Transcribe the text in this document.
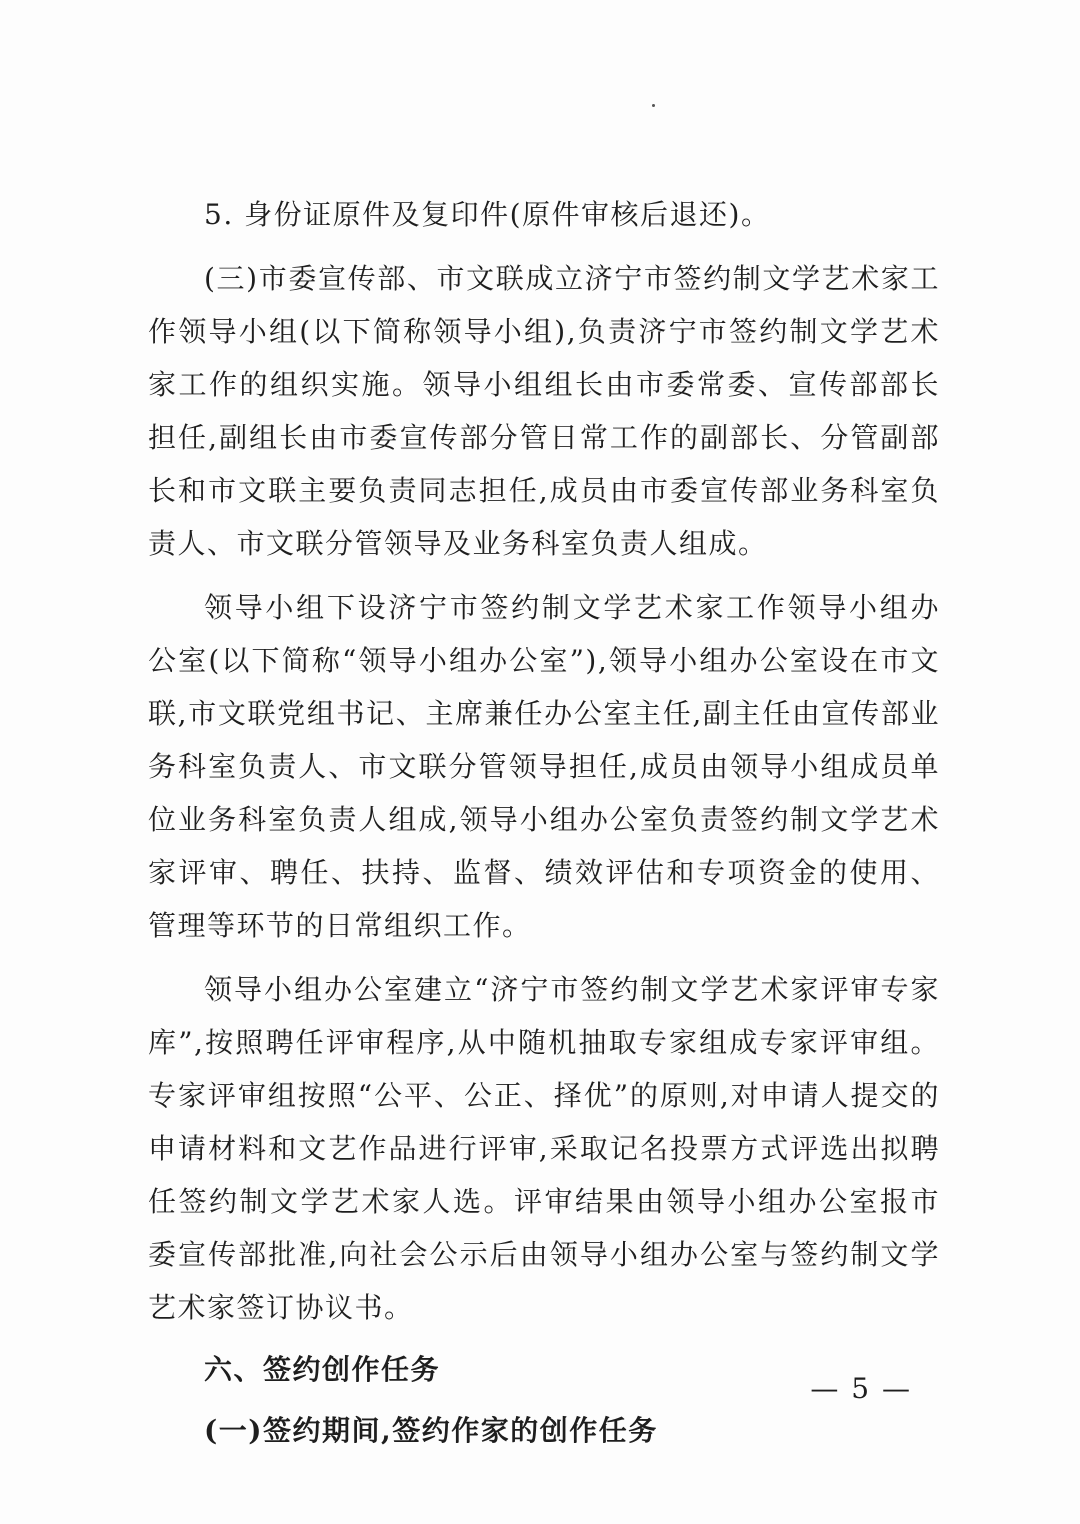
5. 身份证原件及复印件(原件审核后退还)。

(三)市委宣传部、市文联成立济宁市签约制文学艺术家工作领导小组(以下简称领导小组),负责济宁市签约制文学艺术家工作的组织实施。领导小组组长由市委常委、宣传部部长担任,副组长由市委宣传部分管日常工作的副部长、分管副部长和市文联主要负责同志担任,成员由市委宣传部业务科室负责人、市文联分管领导及业务科室负责人组成。

领导小组下设济宁市签约制文学艺术家工作领导小组办公室(以下简称“领导小组办公室”),领导小组办公室设在市文联,市文联党组书记、主席兼任办公室主任,副主任由宣传部业务科室负责人、市文联分管领导担任,成员由领导小组成员单位业务科室负责人组成,领导小组办公室负责签约制文学艺术家评审、聘任、扶持、监督、绩效评估和专项资金的使用、管理等环节的日常组织工作。

领导小组办公室建立“济宁市签约制文学艺术家评审专家库”,按照聘任评审程序,从中随机抽取专家组成专家评审组。专家评审组按照“公平、公正、择优”的原则,对申请人提交的申请材料和文艺作品进行评审,采取记名投票方式评选出拟聘任签约制文学艺术家人选。评审结果由领导小组办公室报市委宣传部批准,向社会公示后由领导小组办公室与签约制文学艺术家签订协议书。

六、签约创作任务
(一)签约期间,签约作家的创作任务
— 5 —
